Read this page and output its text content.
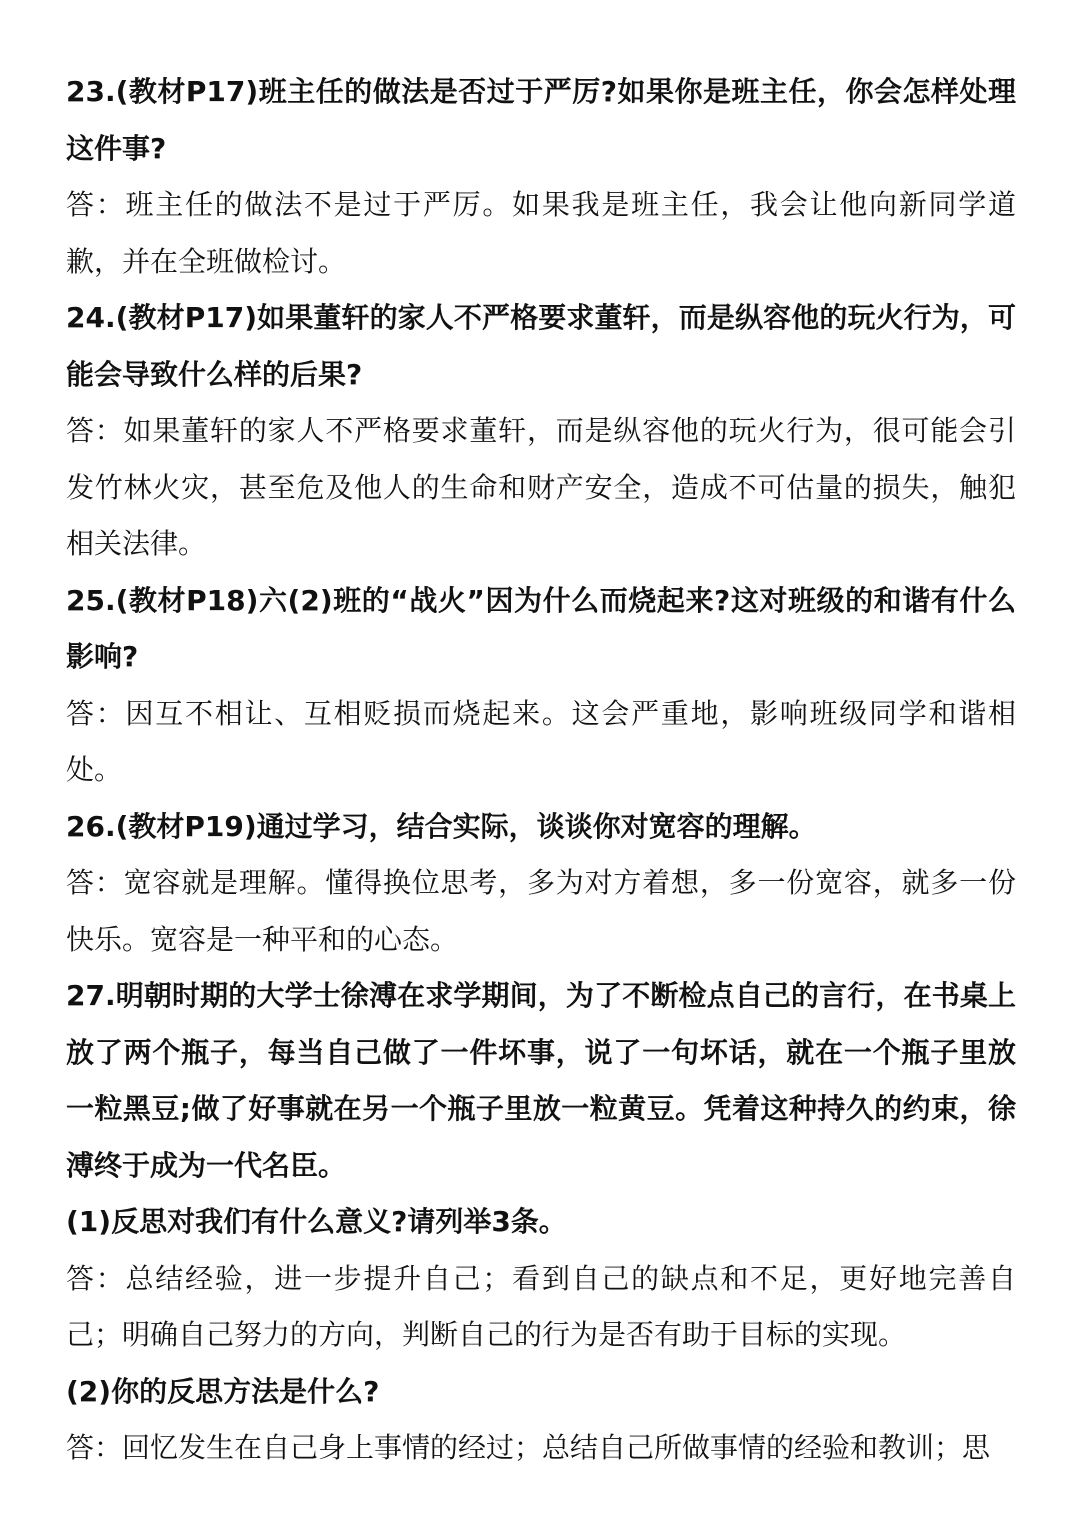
23.(教材P17)班主任的做法是否过于严厉?如果你是班主任，你会怎样处理这件事?

答：班主任的做法不是过于严厉。如果我是班主任，我会让他向新同学道歉，并在全班做检讨。

24.(教材P17)如果董轩的家人不严格要求董轩，而是纵容他的玩火行为，可能会导致什么样的后果?

答：如果董轩的家人不严格要求董轩，而是纵容他的玩火行为，很可能会引发竹林火灾，甚至危及他人的生命和财产安全，造成不可估量的损失，触犯相关法律。

25.(教材P18)六(2)班的“战火”因为什么而烧起来?这对班级的和谐有什么影响?

答：因互不相让、互相贬损而烧起来。这会严重地，影响班级同学和谐相处。

26.(教材P19)通过学习，结合实际，谈谈你对宽容的理解。

答：宽容就是理解。懂得换位思考，多为对方着想，多一份宽容，就多一份快乐。宽容是一种平和的心态。

27.明朝时期的大学士徐溥在求学期间，为了不断检点自己的言行，在书桌上放了两个瓶子，每当自己做了一件坏事，说了一句坏话，就在一个瓶子里放一粒黑豆;做了好事就在另一个瓶子里放一粒黄豆。凭着这种持久的约束，徐溥终于成为一代名臣。

(1)反思对我们有什么意义?请列举3条。

答：总结经验，进一步提升自己；看到自己的缺点和不足，更好地完善自己；明确自己努力的方向，判断自己的行为是否有助于目标的实现。

(2)你的反思方法是什么?

答：回忆发生在自己身上事情的经过；总结自己所做事情的经验和教训；思
